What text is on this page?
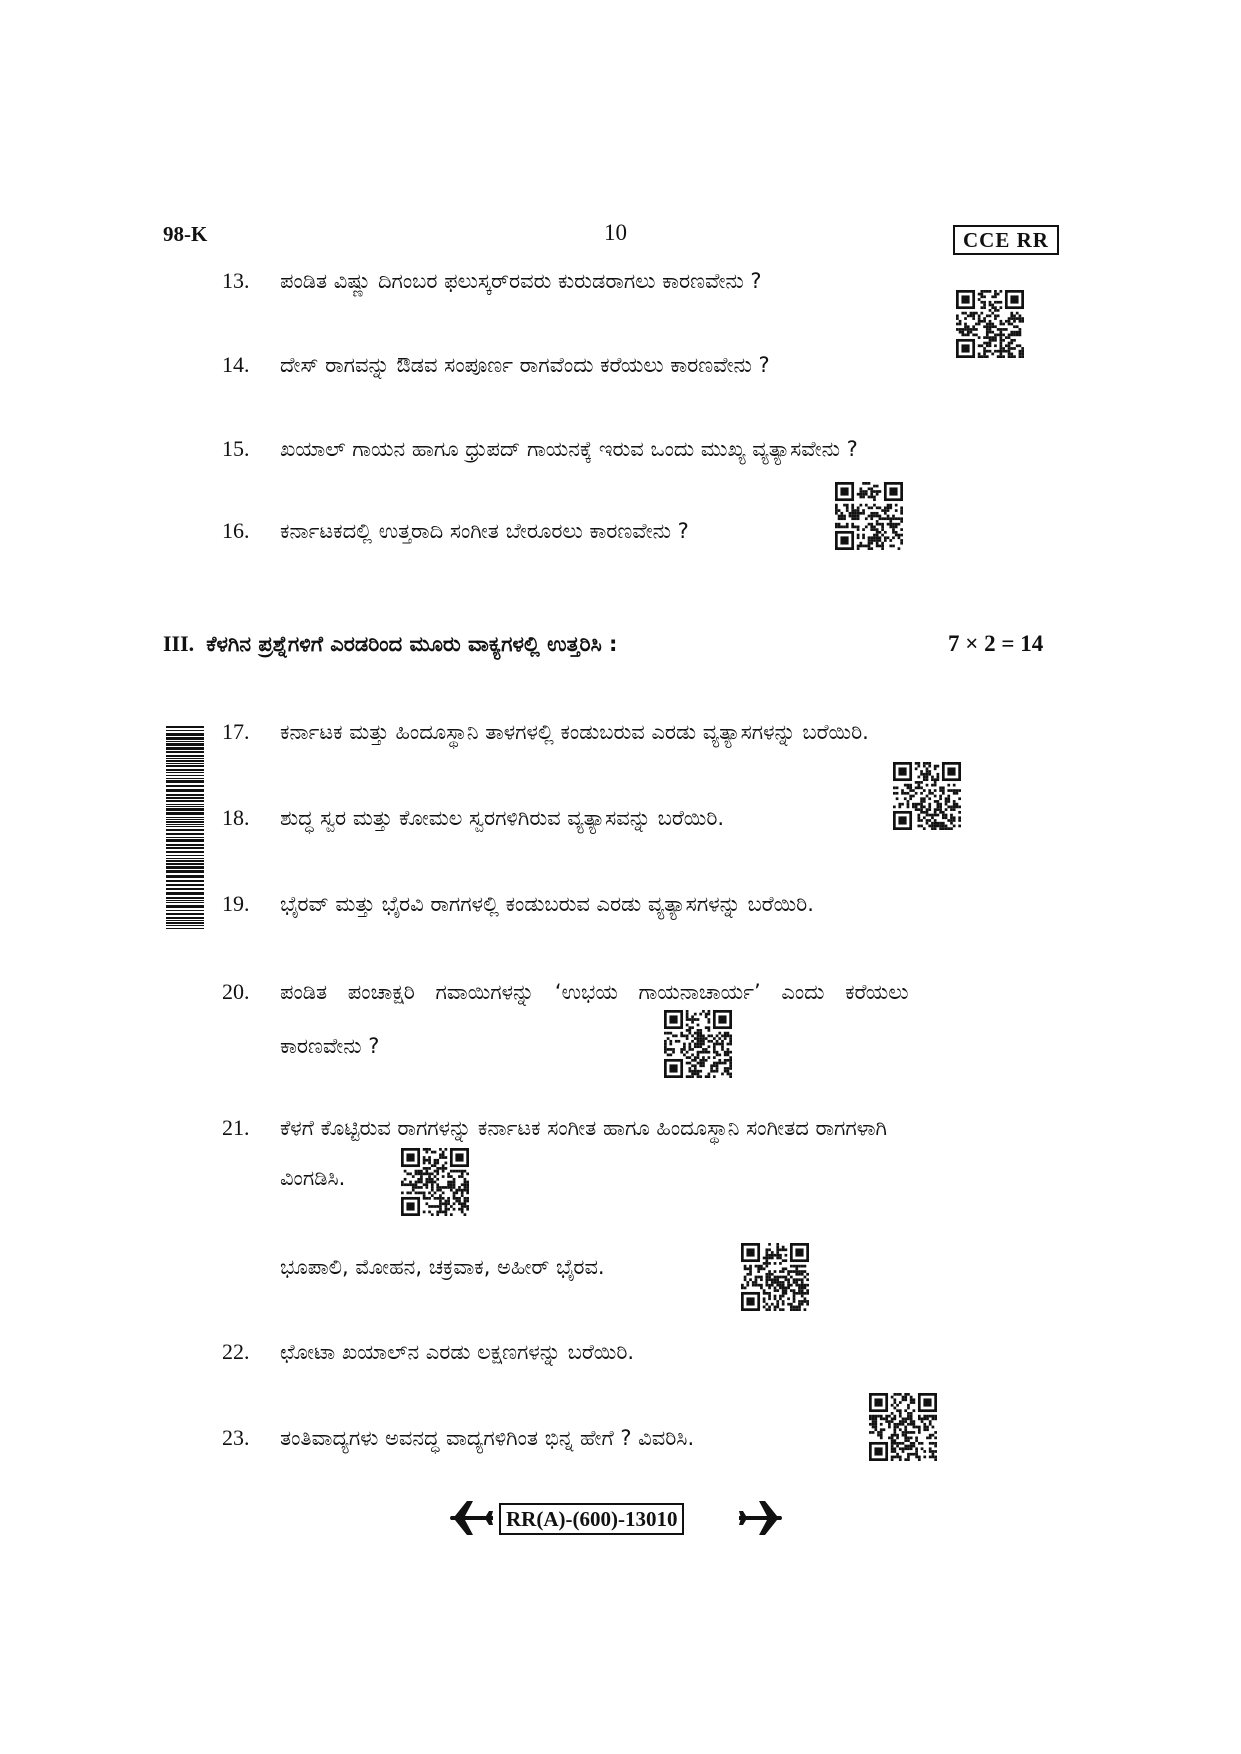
98-K	10	CCE RR
13. ಪಂಡಿತ ವಿಷ್ಣು ದಿಗಂಬರ ಫಲುಸ್ಕರ್‌ರವರು ಕುರುಡರಾಗಲು ಕಾರಣವೇನು ?
14. ದೇಸ್ ರಾಗವನ್ನು ಔಡವ ಸಂಪೂರ್ಣ ರಾಗವೆಂದು ಕರೆಯಲು ಕಾರಣವೇನು ?
15. ಖಯಾಲ್ ಗಾಯನ ಹಾಗೂ ಧ್ರುಪದ್ ಗಾಯನಕ್ಕೆ ಇರುವ ಒಂದು ಮುಖ್ಯ ವ್ಯತ್ಯಾಸವೇನು ?
16. ಕರ್ನಾಟಕದಲ್ಲಿ ಉತ್ತರಾದಿ ಸಂಗೀತ ಬೇರೂರಲು ಕಾರಣವೇನು ?
III. ಕೆಳಗಿನ ಪ್ರಶ್ನೆಗಳಿಗೆ ಎರಡರಿಂದ ಮೂರು ವಾಕ್ಯಗಳಲ್ಲಿ ಉತ್ತರಿಸಿ :	7 × 2 = 14
17. ಕರ್ನಾಟಕ ಮತ್ತು ಹಿಂದೂಸ್ಥಾನಿ ತಾಳಗಳಲ್ಲಿ ಕಂಡುಬರುವ ಎರಡು ವ್ಯತ್ಯಾಸಗಳನ್ನು ಬರೆಯಿರಿ.
18. ಶುದ್ಧ ಸ್ವರ ಮತ್ತು ಕೋಮಲ ಸ್ವರಗಳಿಗಿರುವ ವ್ಯತ್ಯಾಸವನ್ನು ಬರೆಯಿರಿ.
19. ಭೈರವ್ ಮತ್ತು ಭೈರವಿ ರಾಗಗಳಲ್ಲಿ ಕಂಡುಬರುವ ಎರಡು ವ್ಯತ್ಯಾಸಗಳನ್ನು ಬರೆಯಿರಿ.
20. ಪಂಡಿತ ಪಂಚಾಕ್ಷರಿ ಗವಾಯಿಗಳನ್ನು ‘ಉಭಯ ಗಾಯನಾಚಾರ್ಯ’ ಎಂದು ಕರೆಯಲು
ಕಾರಣವೇನು ?
21. ಕೆಳಗೆ ಕೊಟ್ಟಿರುವ ರಾಗಗಳನ್ನು ಕರ್ನಾಟಕ ಸಂಗೀತ ಹಾಗೂ ಹಿಂದೂಸ್ಥಾನಿ ಸಂಗೀತದ ರಾಗಗಳಾಗಿ
ವಿಂಗಡಿಸಿ.
ಭೂಪಾಲಿ, ಮೋಹನ, ಚಕ್ರವಾಕ, ಅಹೀರ್ ಭೈರವ.
22. ಛೋಟಾ ಖಯಾಲ್‌ನ ಎರಡು ಲಕ್ಷಣಗಳನ್ನು ಬರೆಯಿರಿ.
23. ತಂತಿವಾದ್ಯಗಳು ಅವನದ್ಧ ವಾದ್ಯಗಳಿಗಿಂತ ಭಿನ್ನ ಹೇಗೆ ? ವಿವರಿಸಿ.
RR(A)-(600)-13010
